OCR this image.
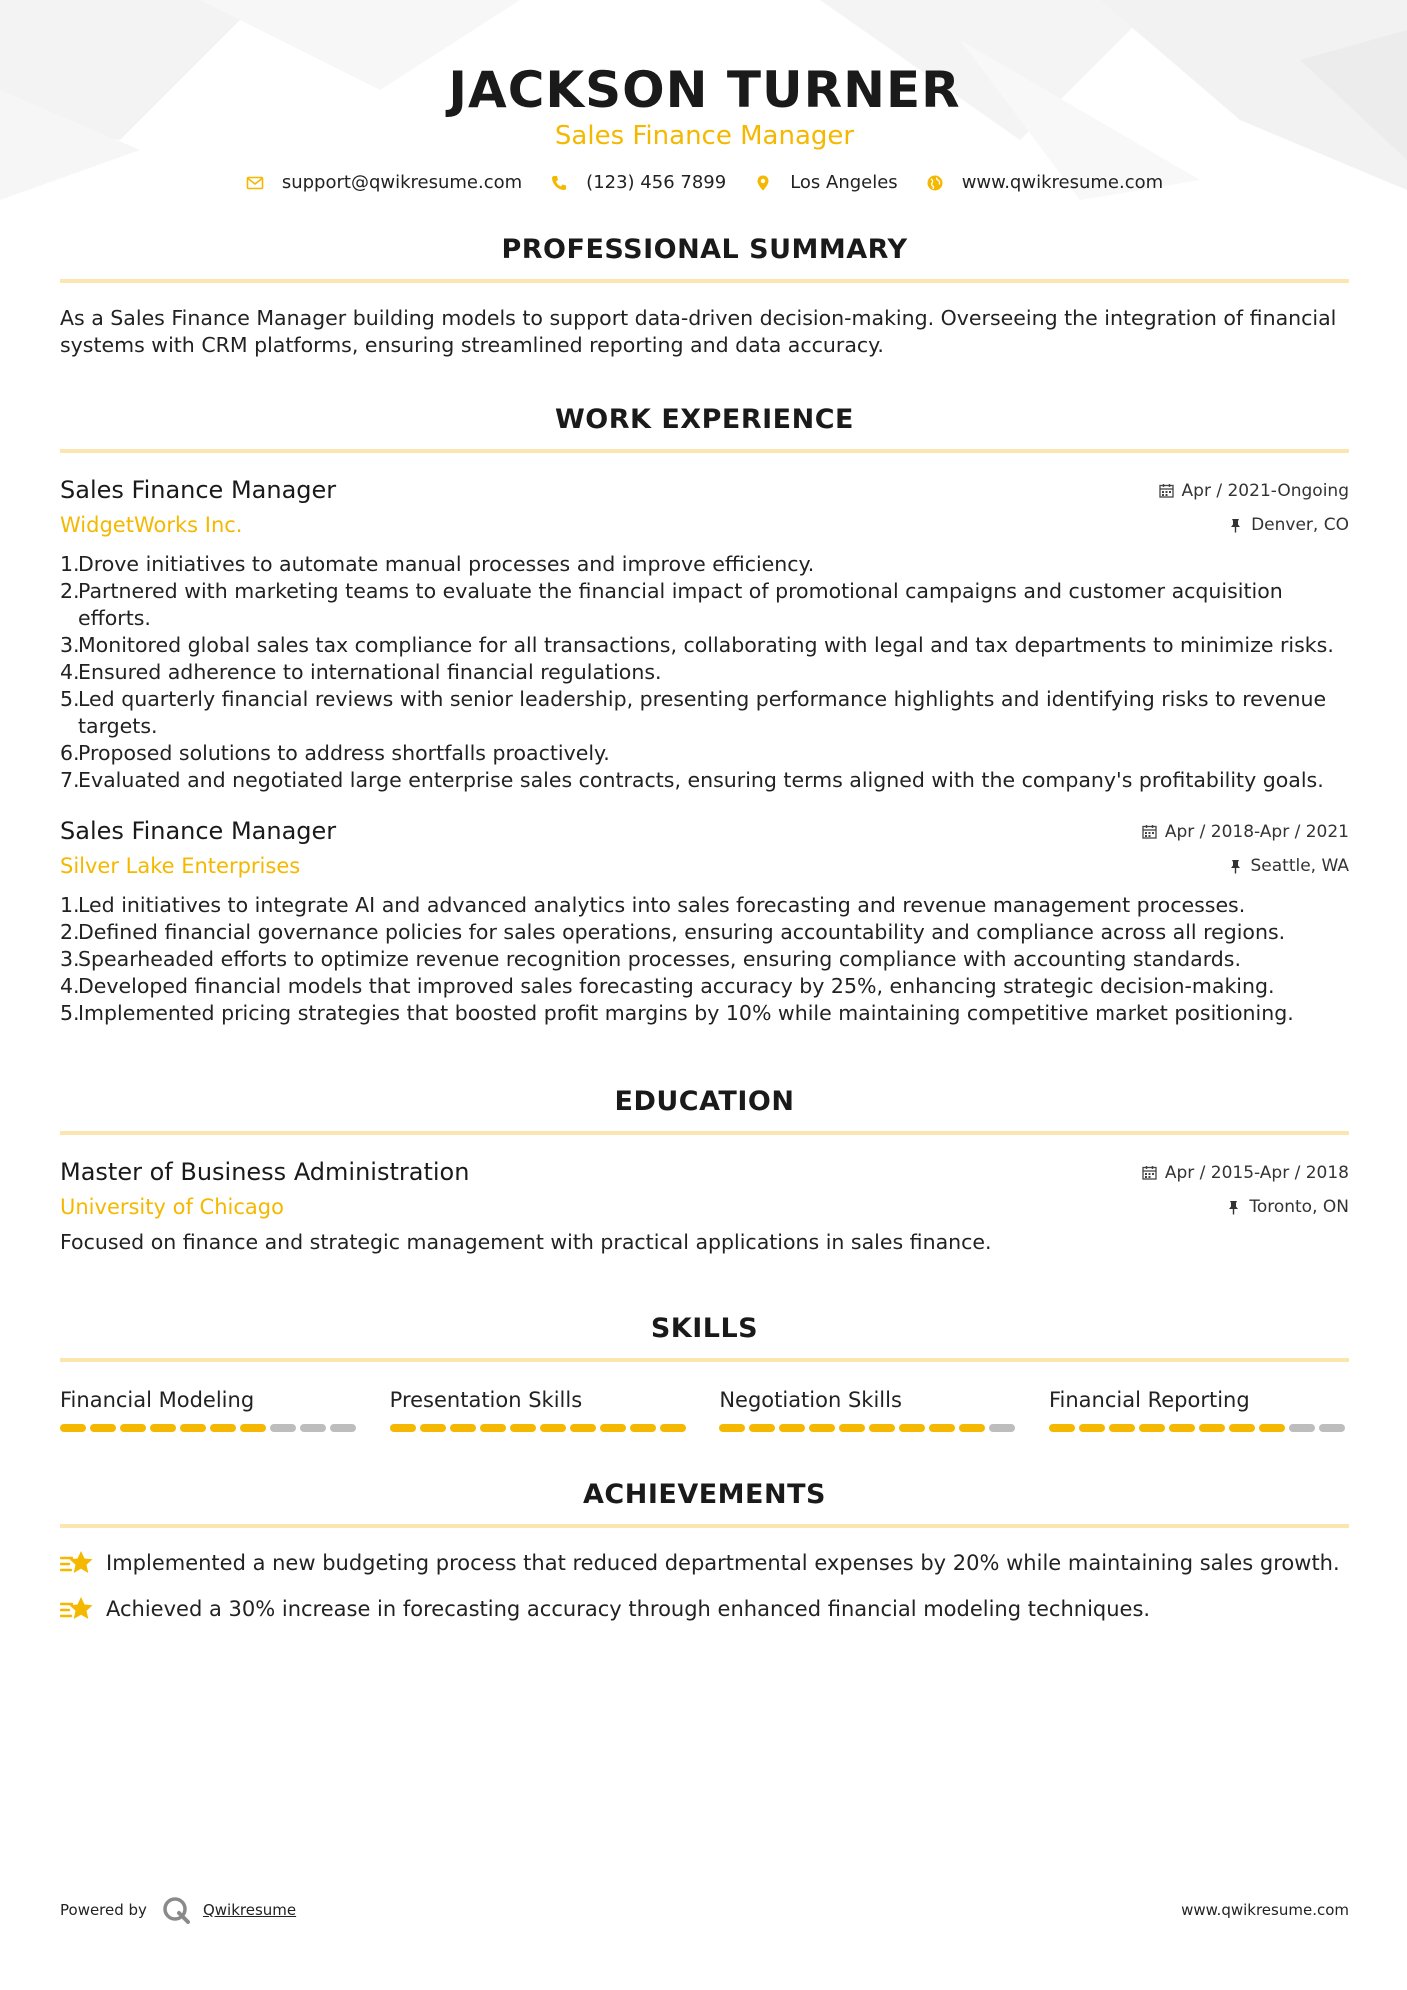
JACKSON TURNER
Sales Finance Manager
support@qwikresume.com	(123) 456 7899	Los Angeles	www.qwikresume.com
PROFESSIONAL SUMMARY
As a Sales Finance Manager building models to support data-driven decision-making. Overseeing the integration of financial systems with CRM platforms, ensuring streamlined reporting and data accuracy.
WORK EXPERIENCE
Sales Finance Manager	Apr / 2021-Ongoing
WidgetWorks Inc.	Denver, CO
1.
Drove initiatives to automate manual processes and improve efficiency.
2.
Partnered with marketing teams to evaluate the financial impact of promotional campaigns and customer acquisition efforts.
3.
Monitored global sales tax compliance for all transactions, collaborating with legal and tax departments to minimize risks.
4.
Ensured adherence to international financial regulations.
5.
Led quarterly financial reviews with senior leadership, presenting performance highlights and identifying risks to revenue targets.
6.
Proposed solutions to address shortfalls proactively.
7.
Evaluated and negotiated large enterprise sales contracts, ensuring terms aligned with the company's profitability goals.
Sales Finance Manager	Apr / 2018-Apr / 2021
Silver Lake Enterprises	Seattle, WA
1.
Led initiatives to integrate AI and advanced analytics into sales forecasting and revenue management processes.
2.
Defined financial governance policies for sales operations, ensuring accountability and compliance across all regions.
3.
Spearheaded efforts to optimize revenue recognition processes, ensuring compliance with accounting standards.
4.
Developed financial models that improved sales forecasting accuracy by 25%, enhancing strategic decision-making.
5.
Implemented pricing strategies that boosted profit margins by 10% while maintaining competitive market positioning.
EDUCATION
Master of Business Administration	Apr / 2015-Apr / 2018
University of Chicago	Toronto, ON
Focused on finance and strategic management with practical applications in sales finance.
SKILLS
Financial Modeling	Presentation Skills	Negotiation Skills	Financial Reporting
ACHIEVEMENTS
Implemented a new budgeting process that reduced departmental expenses by 20% while maintaining sales growth.
Achieved a 30% increase in forecasting accuracy through enhanced financial modeling techniques.
Powered by	Qwikresume	www.qwikresume.com
